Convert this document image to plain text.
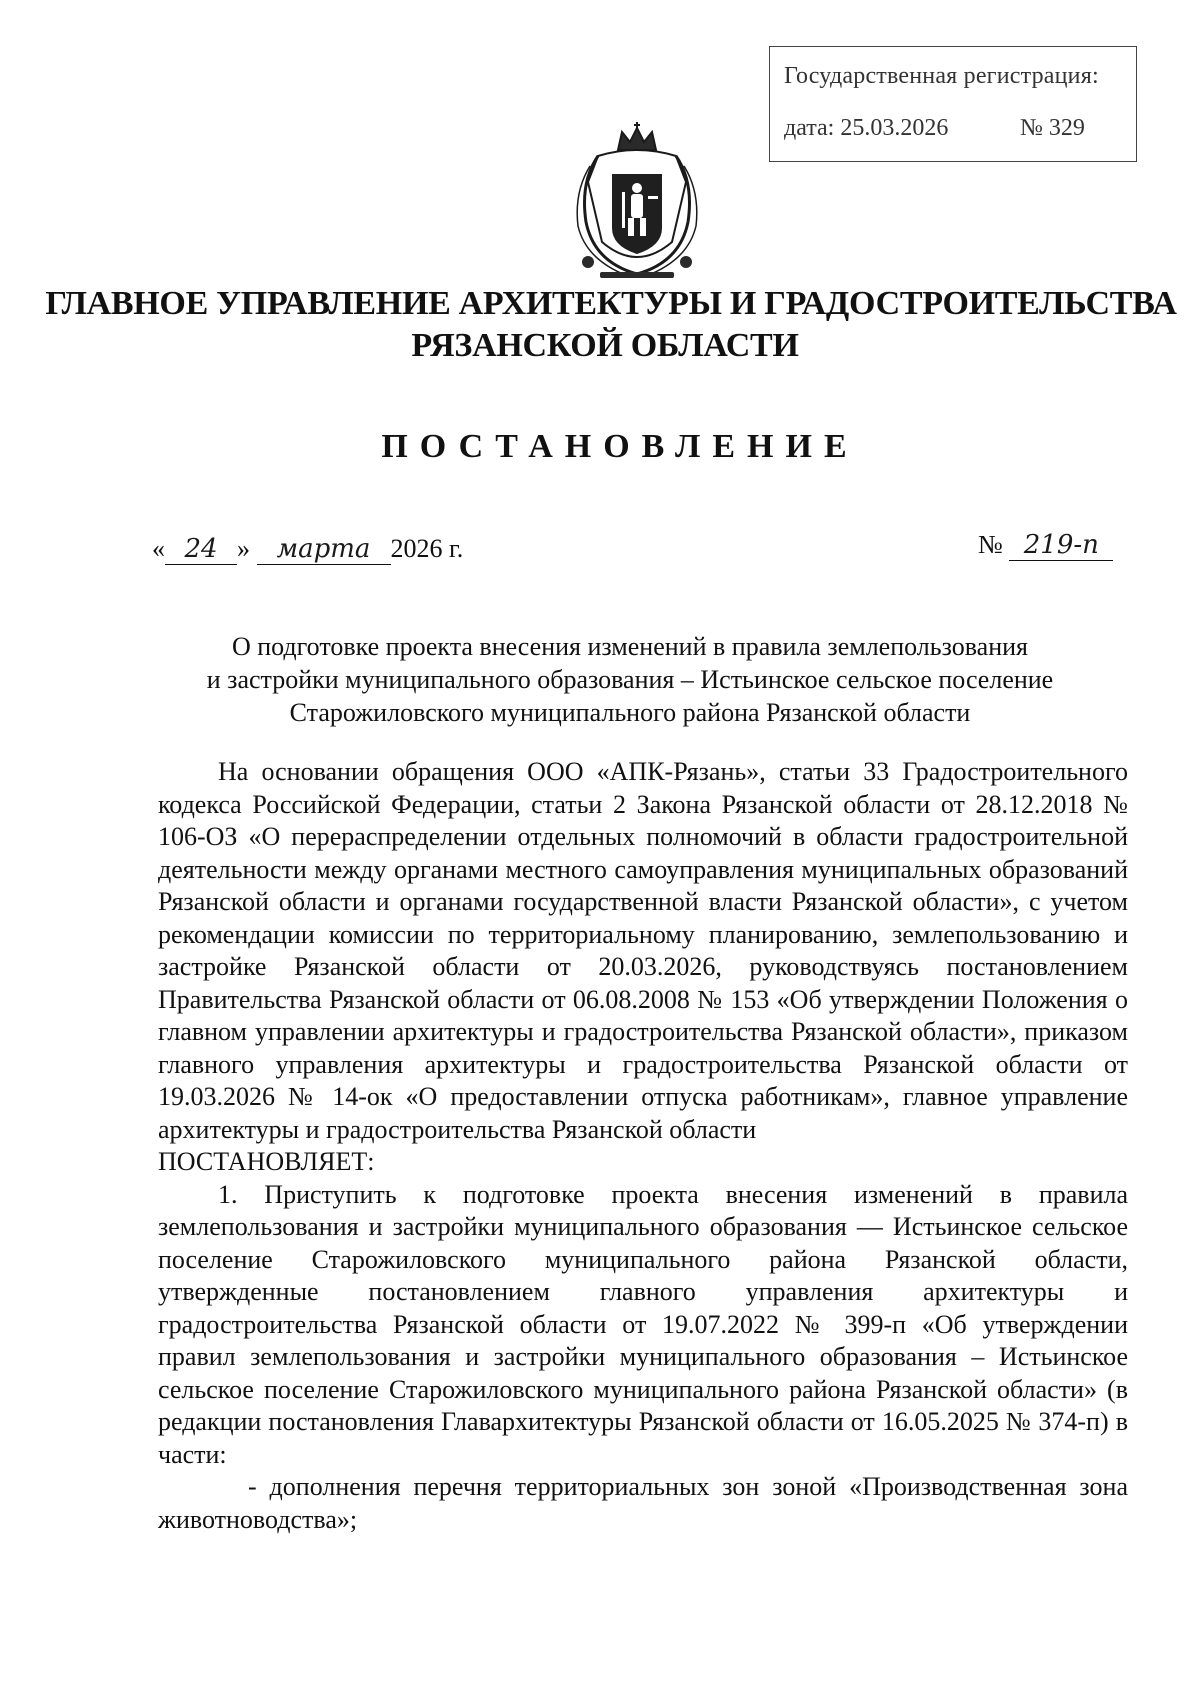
Государственная регистрация:
дата: 25.03.2026	№ 329
ГЛАВНОЕ УПРАВЛЕНИЕ АРХИТЕКТУРЫ И ГРАДОСТРОИТЕЛЬСТВА
РЯЗАНСКОЙ ОБЛАСТИ
ПОСТАНОВЛЕНИЕ
« 24 » марта 2026 г.	№ 219-п
О подготовке проекта внесения изменений в правила землепользования
и застройки муниципального образования – Истьинское сельское поселение
Старожиловского муниципального района Рязанской области

На основании обращения ООО «АПК-Рязань», статьи 33 Градостроительного кодекса Российской Федерации, статьи 2 Закона Рязанской области от 28.12.2018 № 106-ОЗ «О перераспределении отдельных полномочий в области градостроительной деятельности между органами местного самоуправления муниципальных образований Рязанской области и органами государственной власти Рязанской области», с учетом рекомендации комиссии по территориальному планированию, землепользованию и застройке Рязанской области от 20.03.2026, руководствуясь постановлением Правительства Рязанской области от 06.08.2008 № 153 «Об утверждении Положения о главном управлении архитектуры и градостроительства Рязанской области», приказом главного управления архитектуры и градостроительства Рязанской области от 19.03.2026 № 14-ок «О предоставлении отпуска работникам», главное управление архитектуры и градостроительства Рязанской области

ПОСТАНОВЛЯЕТ:

1. Приступить к подготовке проекта внесения изменений в правила землепользования и застройки муниципального образования — Истьинское сельское поселение Старожиловского муниципального района Рязанской области, утвержденные постановлением главного управления архитектуры и градостроительства Рязанской области от 19.07.2022 № 399-п «Об утверждении правил землепользования и застройки муниципального образования – Истьинское сельское поселение Старожиловского муниципального района Рязанской области» (в редакции постановления Главархитектуры Рязанской области от 16.05.2025 № 374-п) в части:

- дополнения перечня территориальных зон зоной «Производственная зона животноводства»;
